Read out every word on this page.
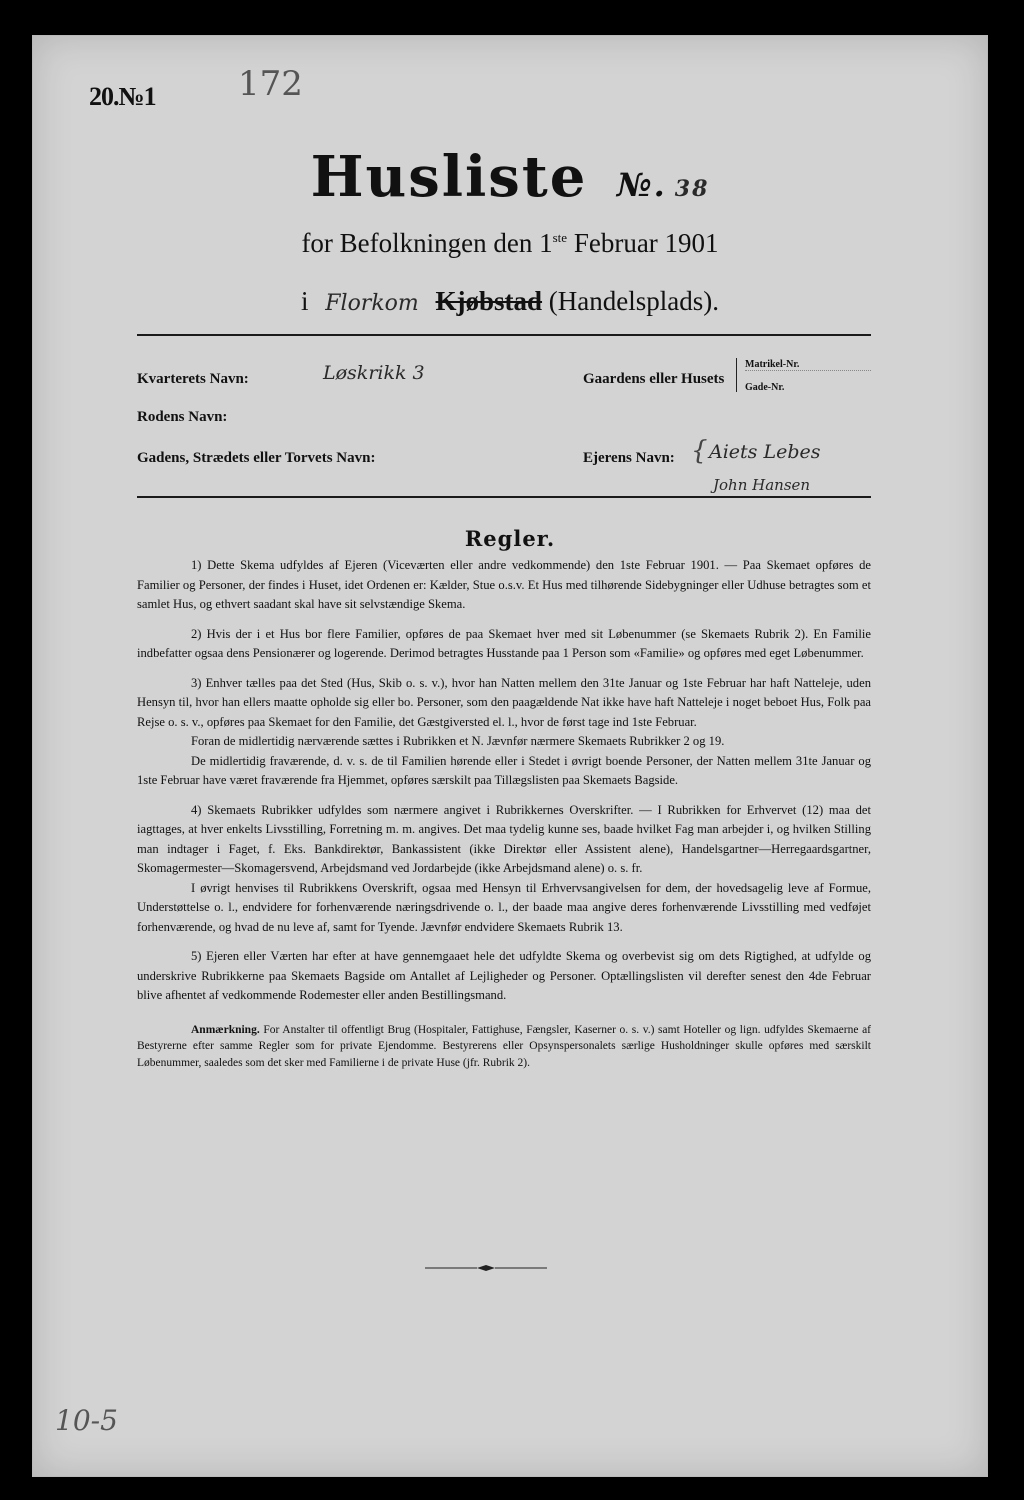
20.№1 172
Husliste №. 38
for Befolkningen den 1ste Februar 1901
i Florkom Kjøbstad (Handelsplads).
Kvarterets Navn:	Løskrikk 3
Rodens Navn:
Gadens, Strædets eller Torvets Navn:
Gaardens eller Husets
Matrikel-Nr.
Gade-Nr.
Ejerens Navn: { Aiets Lebes
John Hansen
Regler.

1) Dette Skema udfyldes af Ejeren (Viceværten eller andre vedkommende) den 1ste Februar 1901. — Paa Skemaet opføres de Familier og Personer, der findes i Huset, idet Ordenen er: Kælder, Stue o.s.v. Et Hus med tilhørende Sidebygninger eller Udhuse betragtes som et samlet Hus, og ethvert saadant skal have sit selvstændige Skema.

2) Hvis der i et Hus bor flere Familier, opføres de paa Skemaet hver med sit Løbenummer (se Skemaets Rubrik 2). En Familie indbefatter ogsaa dens Pensionærer og logerende. Derimod betragtes Husstande paa 1 Person som «Familie» og opføres med eget Løbenummer.

3) Enhver tælles paa det Sted (Hus, Skib o. s. v.), hvor han Natten mellem den 31te Januar og 1ste Februar har haft Natteleje, uden Hensyn til, hvor han ellers maatte opholde sig eller bo. Personer, som den paagældende Nat ikke have haft Natteleje i noget beboet Hus, Folk paa Rejse o. s. v., opføres paa Skemaet for den Familie, det Gæstgiversted el. l., hvor de først tage ind 1ste Februar.

Foran de midlertidig nærværende sættes i Rubrikken et N. Jævnfør nærmere Skemaets Rubrikker 2 og 19.

De midlertidig fraværende, d. v. s. de til Familien hørende eller i Stedet i øvrigt boende Personer, der Natten mellem 31te Januar og 1ste Februar have været fraværende fra Hjemmet, opføres særskilt paa Tillægslisten paa Skemaets Bagside.

4) Skemaets Rubrikker udfyldes som nærmere angivet i Rubrikkernes Overskrifter. — I Rubrikken for Erhvervet (12) maa det iagttages, at hver enkelts Livsstilling, Forretning m. m. angives. Det maa tydelig kunne ses, baade hvilket Fag man arbejder i, og hvilken Stilling man indtager i Faget, f. Eks. Bankdirektør, Bankassistent (ikke Direktør eller Assistent alene), Handelsgartner—Herregaardsgartner, Skomagermester—Skomagersvend, Arbejdsmand ved Jordarbejde (ikke Arbejdsmand alene) o. s. fr.

I øvrigt henvises til Rubrikkens Overskrift, ogsaa med Hensyn til Erhvervsangivelsen for dem, der hovedsagelig leve af Formue, Understøttelse o. l., endvidere for forhenværende næringsdrivende o. l., der baade maa angive deres forhenværende Livsstilling med vedføjet forhenværende, og hvad de nu leve af, samt for Tyende. Jævnfør endvidere Skemaets Rubrik 13.

5) Ejeren eller Værten har efter at have gennemgaaet hele det udfyldte Skema og overbevist sig om dets Rigtighed, at udfylde og underskrive Rubrikkerne paa Skemaets Bagside om Antallet af Lejligheder og Personer. Optællingslisten vil derefter senest den 4de Februar blive afhentet af vedkommende Rodemester eller anden Bestillingsmand.

Anmærkning. For Anstalter til offentligt Brug (Hospitaler, Fattighuse, Fængsler, Kaserner o. s. v.) samt Hoteller og lign. udfyldes Skemaerne af Bestyrerne efter samme Regler som for private Ejendomme. Bestyrerens eller Opsynspersonalets særlige Husholdninger skulle opføres med særskilt Løbenummer, saaledes som det sker med Familierne i de private Huse (jfr. Rubrik 2).

10-5
